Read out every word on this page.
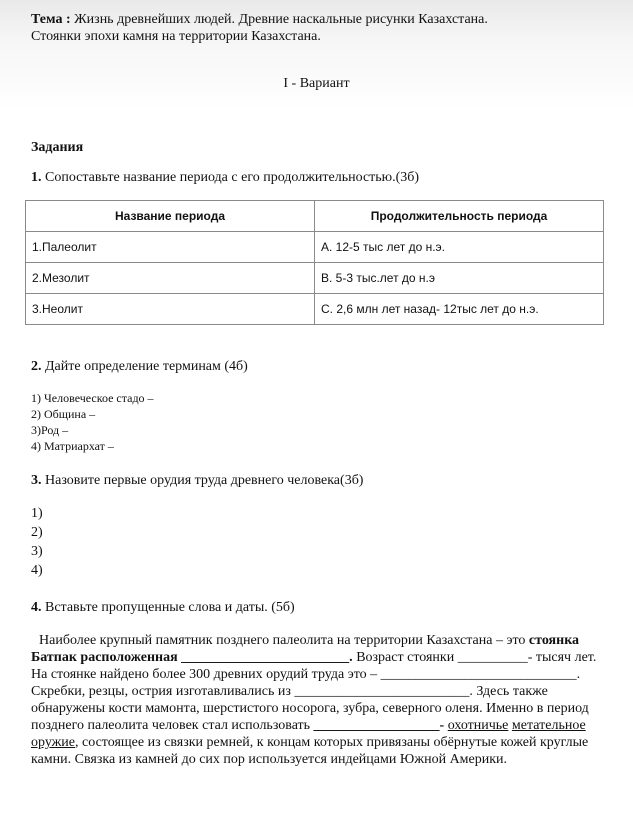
Тема : Жизнь древнейших людей. Древние наскальные рисунки Казахстана.
Стоянки эпохи камня на территории Казахстана.
I - Вариант
Задания
1. Сопоставьте название периода с его продолжительностью.(3б)
Название периода	Продолжительность периода
1.Палеолит	А. 12-5 тыс лет до н.э.
2.Мезолит	В. 5-3 тыс.лет до н.э
3.Неолит	С. 2,6 млн лет назад- 12тыс лет до н.э.
2. Дайте определение терминам (4б)
1) Человеческое стадо –
2) Община –
3)Род –
4) Матриархат –
3. Назовите первые орудия труда древнего человека(3б)
1)
2)
3)
4)
4. Вставьте пропущенные слова и даты. (5б)
Наиболее крупный памятник позднего палеолита на территории Казахстана – это стоянка Батпак расположенная ________________________. Возраст стоянки __________- тысяч лет.
На стоянке найдено более 300 древних орудий труда это – ____________________________. Скребки, резцы, острия изготавливались из _________________________. Здесь также обнаружены кости мамонта, шерстистого носорога, зубра, северного оленя. Именно в период позднего палеолита человек стал использовать __________________- охотничье метательное оружие, состоящее из связки ремней, к концам которых привязаны обёрнутые кожей круглые камни. Связка из камней до сих пор используется индейцами Южной Америки.
